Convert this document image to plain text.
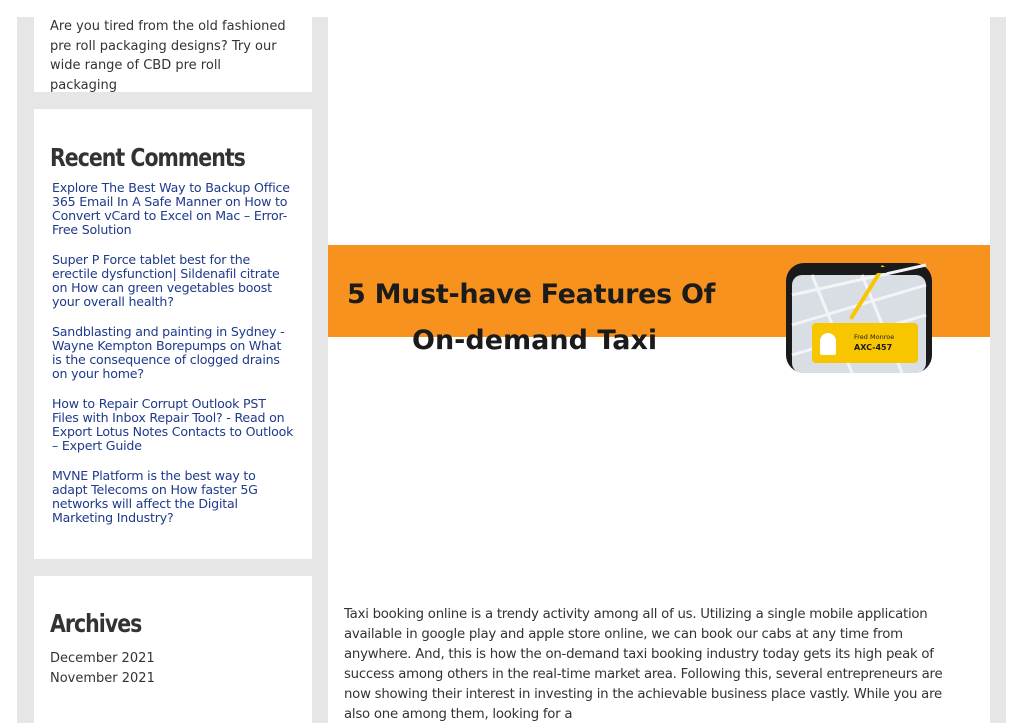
Are you tired from the old fashioned pre roll packaging designs? Try our wide range of CBD pre roll packaging

Recent Comments
Explore The Best Way to Backup Office 365 Email In A Safe Manner on How to Convert vCard to Excel on Mac – Error-Free Solution
Super P Force tablet best for the erectile dysfunction| Sildenafil citrate on How can green vegetables boost your overall health?
Sandblasting and painting in Sydney - Wayne Kempton Borepumps on What is the consequence of clogged drains on your home?
How to Repair Corrupt Outlook PST Files with Inbox Repair Tool? - Read on Export Lotus Notes Contacts to Outlook – Expert Guide
MVNE Platform is the best way to adapt Telecoms on How faster 5G networks will affect the Digital Marketing Industry?
Archives
December 2021
November 2021
5 Must-have Features Of
On-demand Taxi	Fred Monroe
AXC-457

Taxi booking online is a trendy activity among all of us. Utilizing a single mobile application available in google play and apple store online, we can book our cabs at any time from anywhere. And, this is how the on-demand taxi booking industry today gets its high peak of success among others in the real-time market area. Following this, several entrepreneurs are now showing their interest in investing in the achievable business place vastly. While you are also one among them, looking for a
